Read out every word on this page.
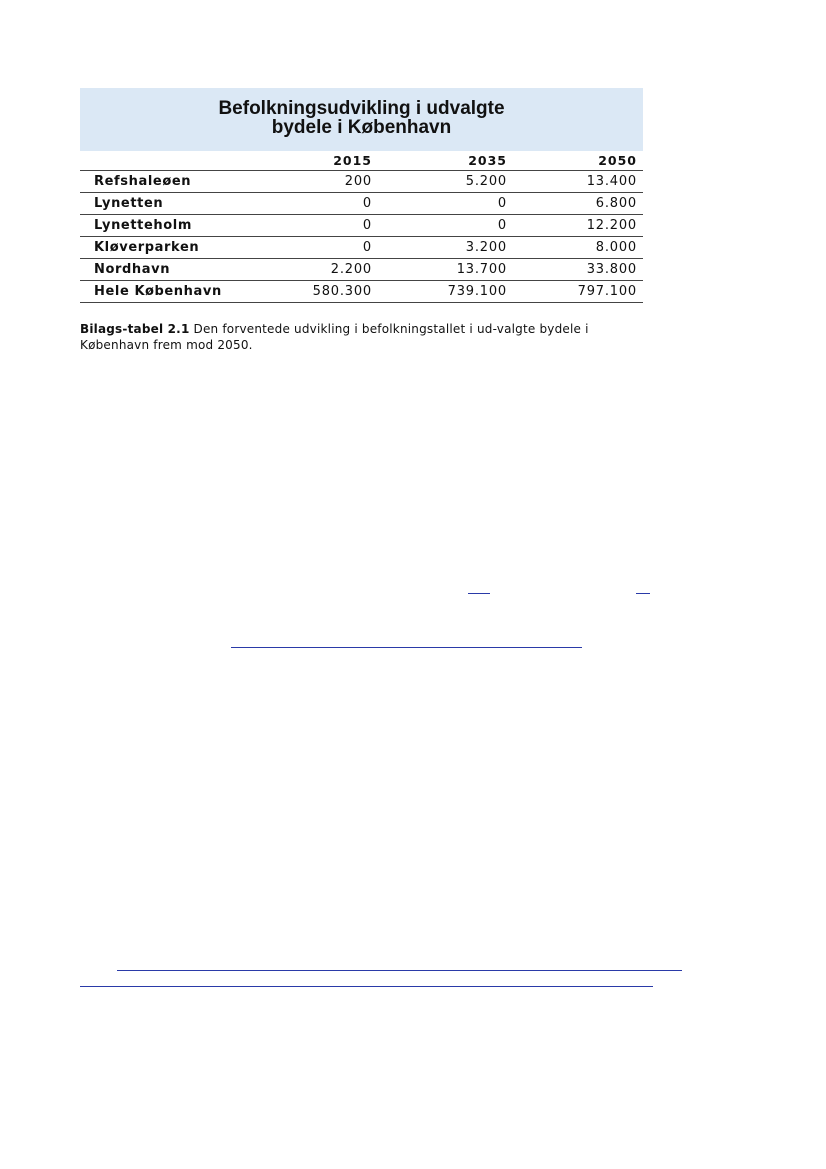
Befolkningsudvikling i udvalgte
bydele i København
	2015	2035	2050
Refshaleøen	200	5.200	13.400
Lynetten	0	0	6.800
Lynetteholm	0	0	12.200
Kløverparken	0	3.200	8.000
Nordhavn	2.200	13.700	33.800
Hele København	580.300	739.100	797.100
Bilags-tabel 2.1 Den forventede udvikling i befolkningstallet i ud-valgte bydele i København frem mod 2050.
